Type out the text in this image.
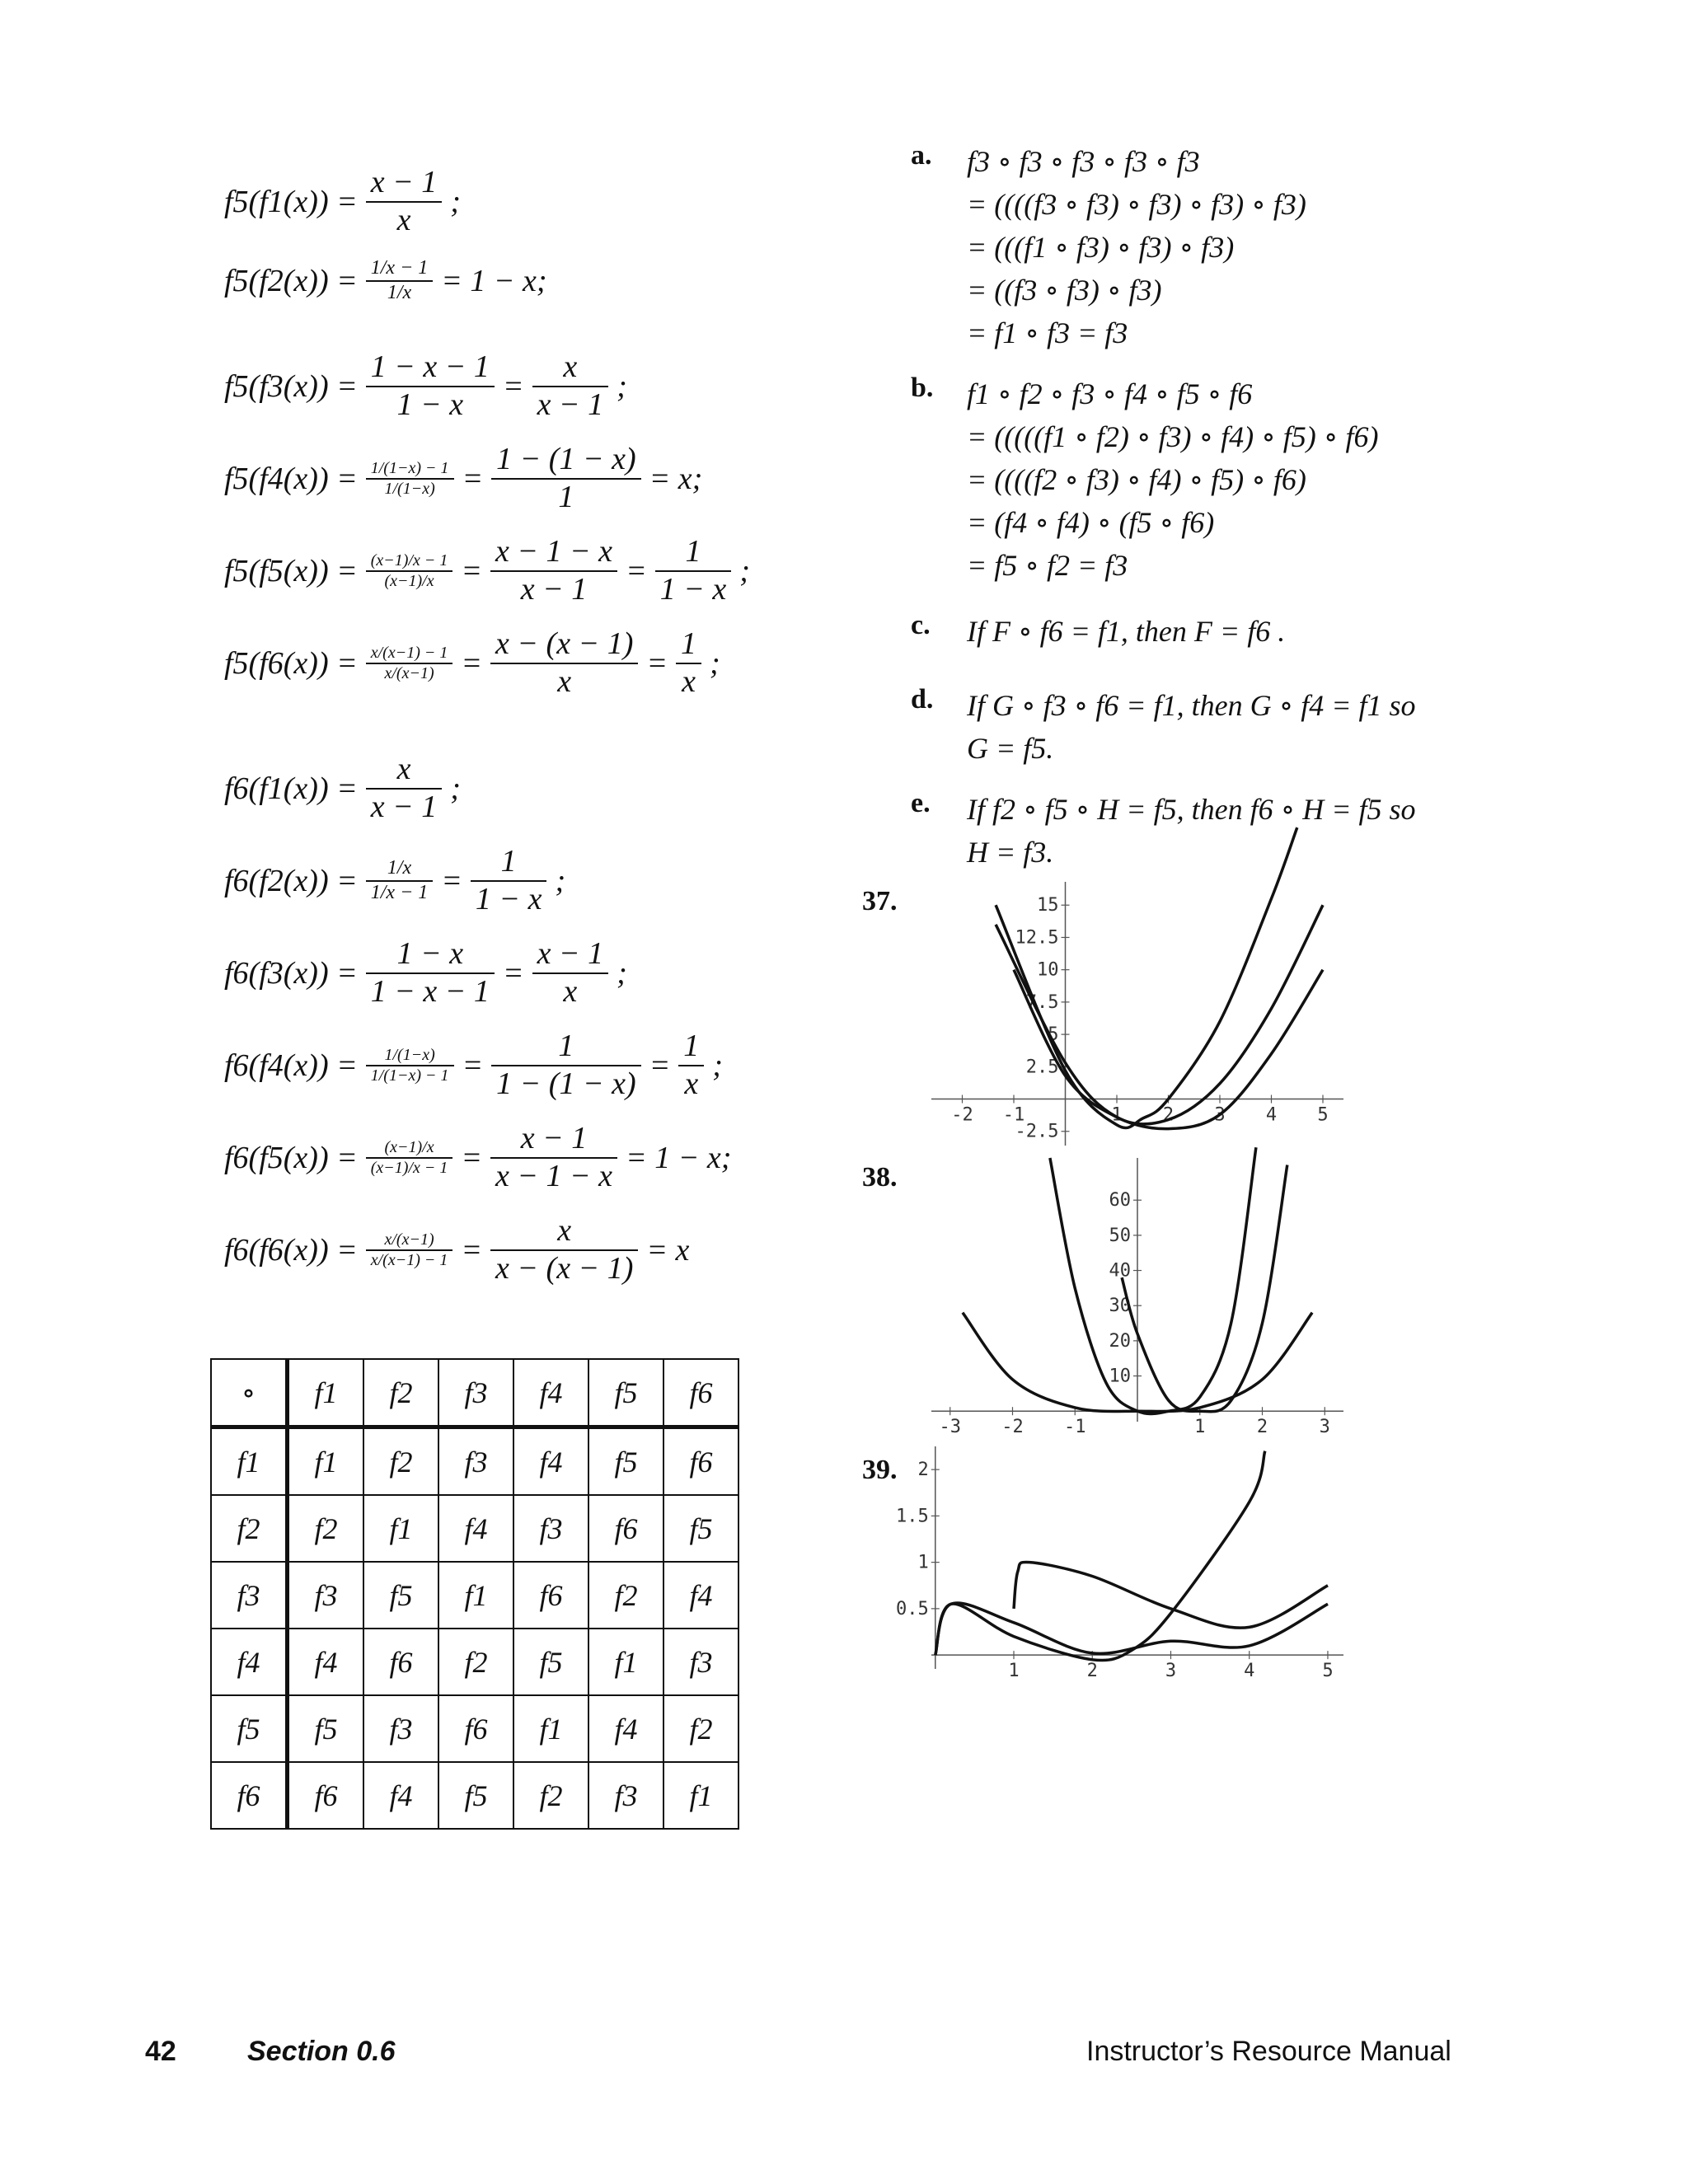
$f5(f1(x)) = \frac{x - 1}{x}$ ;
$f5(f2(x)) = \frac{1/x - 1}{1/x} = 1 - x$;
$f5(f3(x)) = \frac{1 - x - 1}{1 - x} = \frac{x}{x - 1}$ ;
$f5(f4(x)) = \frac{1/(1-x) - 1}{1/(1-x)} = \frac{1 - (1 - x)}{1} = x$;
$f5(f5(x)) = \frac{(x-1)/x - 1}{(x-1)/x} = \frac{x - 1 - x}{x - 1} = \frac{1}{1 - x}$ ;
$f5(f6(x)) = \frac{x/(x-1) - 1}{x/(x-1)} = \frac{x - (x - 1)}{x} = \frac{1}{x}$ ;
$f6(f1(x)) = \frac{x}{x - 1}$ ;
$f6(f2(x)) = \frac{1/x}{1/x - 1} = \frac{1}{1 - x}$ ;
$f6(f3(x)) = \frac{1 - x}{1 - x - 1} = \frac{x - 1}{x}$ ;
$f6(f4(x)) = \frac{1/(1-x)}{1/(1-x) - 1} = \frac{1}{1 - (1 - x)} = \frac{1}{x}$ ;
$f6(f5(x)) = \frac{(x-1)/x}{(x-1)/x - 1} = \frac{x - 1}{x - 1 - x} = 1 - x$;
$f6(f6(x)) = \frac{x/(x-1)}{x/(x-1) - 1} = \frac{x}{x - (x - 1)} = x$
a. f3 ∘ f3 ∘ f3 ∘ f3 ∘ f3
= ((((f3 ∘ f3) ∘ f3) ∘ f3) ∘ f3)
= (((f1 ∘ f3) ∘ f3) ∘ f3)
= ((f3 ∘ f3) ∘ f3)
= f1 ∘ f3 = f3
b. f1 ∘ f2 ∘ f3 ∘ f4 ∘ f5 ∘ f6
= (((((f1 ∘ f2) ∘ f3) ∘ f4) ∘ f5) ∘ f6)
= ((((f2 ∘ f3) ∘ f4) ∘ f5) ∘ f6)
= (f4 ∘ f4) ∘ (f5 ∘ f6)
= f5 ∘ f2 = f3
c. If F ∘ f6 = f1, then F = f6 .
d. If G ∘ f3 ∘ f6 = f1, then G ∘ f4 = f1 so
G = f5.
e. If f2 ∘ f5 ∘ H = f5, then f6 ∘ H = f5 so
H = f3.
37.
38.
39.
-2 -1	1 2 3 4 5
-2.5
2.5
5
7.5
10
12.5
15
-3 -2 -1	1	2	3
10
20
30
40
50
60
1	2	3	4	5
0.5
1
1.5
2
∘	f1	f2	f3	f4	f5	f6
f1	f1	f2	f3	f4	f5	f6
f2	f2	f1	f4	f3	f6	f5
f3	f3	f5	f1	f6	f2	f4
f4	f4	f6	f2	f5	f1	f3
f5	f5	f3	f6	f1	f4	f2
f6	f6	f4	f5	f2	f3	f1
42	Section 0.6	Instructor’s Resource Manual
